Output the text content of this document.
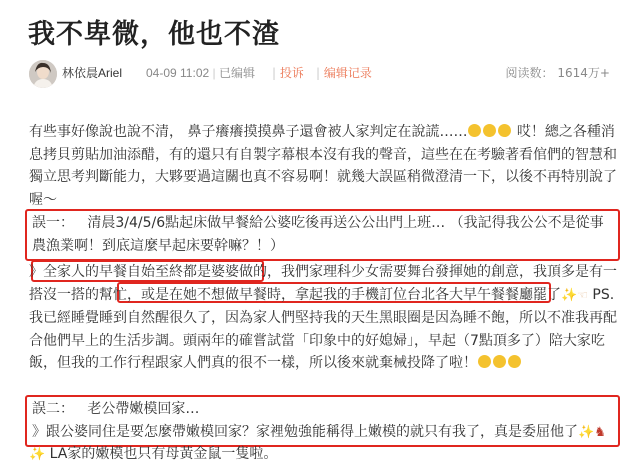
我不卑微，他也不渣
林依晨Ariel 04-09 11:02 | 已编辑 | 投诉 | 编辑记录	阅读数： 1614万+

有些事好像說也說不清， 鼻子癢癢摸摸鼻子還會被人家判定在說謊……	哎！總之各種消息拷貝剪貼加油添醋，有的還只有自製字幕根本沒有我的聲音，這些在在考驗著看倌們的智慧和獨立思考判斷能力，大夥要過這關也真不容易啊！就幾大誤區稍微澄清一下，以後不再特別說了喔～

誤一： 清晨3/4/5/6點起床做早餐給公婆吃後再送公公出門上班… （我記得我公公不是從事農漁業啊！到底這麼早起床要幹嘛？！）

》全家人的早餐自始至終都是婆婆做的，我們家理科少女需要舞台發揮她的創意，我頂多是有一搭沒一搭的幫忙，或是在她不想做早餐時，拿起我的手機訂位台北各大早午餐餐廳罷了✨☜ PS.我已經睡覺睡到自然醒很久了，因為家人們堅持我的天生黑眼圈是因為睡不飽，所以不准我再配合他們早上的生活步調。頭兩年的確嘗試當「印象中的好媳婦」，早起（7點頂多了）陪大家吃飯，但我的工作行程跟家人們真的很不一樣，所以後來就棄械投降了啦！

誤二： 老公帶嫩模回家…
》跟公婆同住是要怎麼帶嫩模回家？家裡勉強能稱得上嫩模的就只有我了，真是委屈他了✨♞

✨ LA家的嫩模也只有母黃金鼠一隻啦。
